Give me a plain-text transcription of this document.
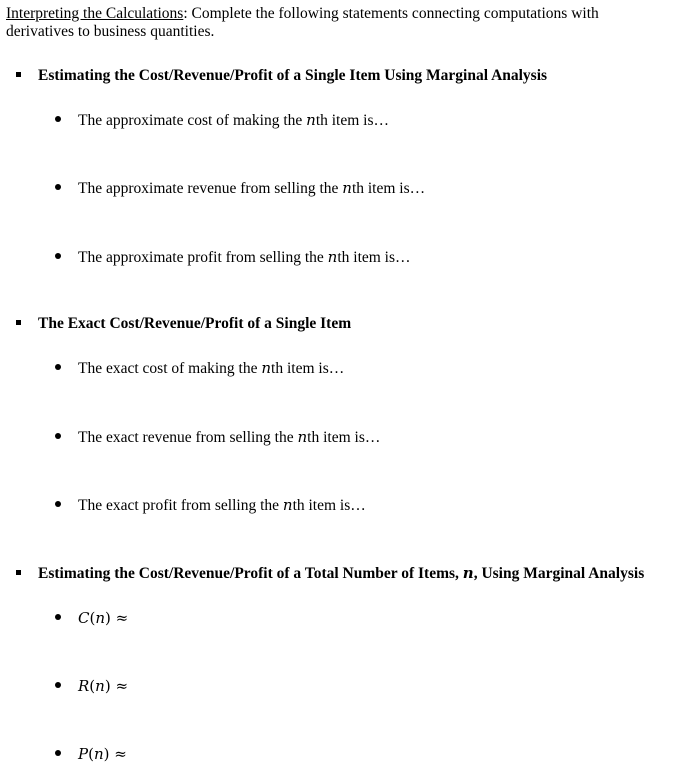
Interpreting the Calculations: Complete the following statements connecting computations with
derivatives to business quantities.
Estimating the Cost/Revenue/Profit of a Single Item Using Marginal Analysis
The approximate cost of making the nth item is…
The approximate revenue from selling the nth item is…
The approximate profit from selling the nth item is…
The Exact Cost/Revenue/Profit of a Single Item
The exact cost of making the nth item is…
The exact revenue from selling the nth item is…
The exact profit from selling the nth item is…
Estimating the Cost/Revenue/Profit of a Total Number of Items, n, Using Marginal Analysis
C(n) ≈
R(n) ≈
P(n) ≈
